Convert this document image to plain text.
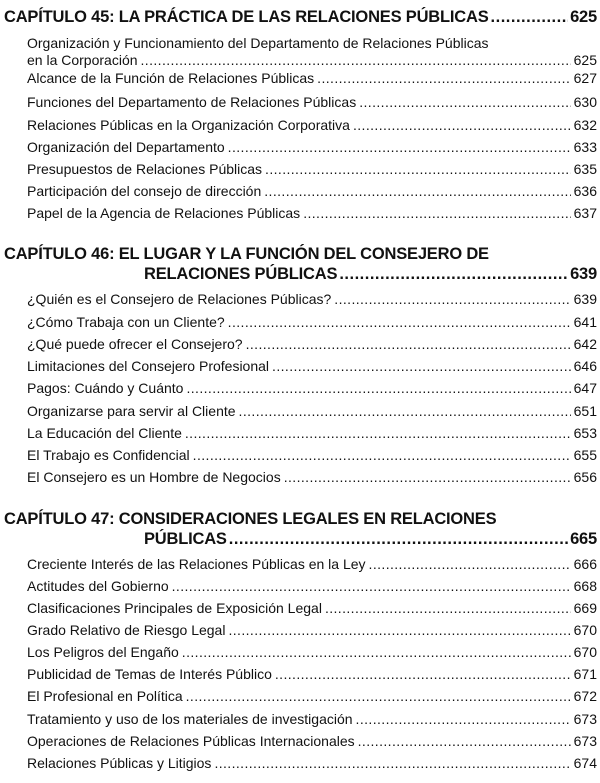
CAPÍTULO 45: LA PRÁCTICA DE LAS RELACIONES PÚBLICAS .....	625
Organización y Funcionamiento del Departamento de Relaciones Públicas
en la Corporación .....	625
Alcance de la Función de Relaciones Públicas .....	627
Funciones del Departamento de Relaciones Públicas .....	630
Relaciones Públicas en la Organización Corporativa .....	632
Organización del Departamento .....	633
Presupuestos de Relaciones Públicas .....	635
Participación del consejo de dirección .....	636
Papel de la Agencia de Relaciones Públicas .....	637
CAPÍTULO 46: EL LUGAR Y LA FUNCIÓN DEL CONSEJERO DE
RELACIONES PÚBLICAS .....	639
¿Quién es el Consejero de Relaciones Públicas? .....	639
¿Cómo Trabaja con un Cliente? .....	641
¿Qué puede ofrecer el Consejero? .....	642
Limitaciones del Consejero Profesional .....	646
Pagos: Cuándo y Cuánto .....	647
Organizarse para servir al Cliente .....	651
La Educación del Cliente .....	653
El Trabajo es Confidencial .....	655
El Consejero es un Hombre de Negocios .....	656
CAPÍTULO 47: CONSIDERACIONES LEGALES EN RELACIONES
PÚBLICAS .....	665
Creciente Interés de las Relaciones Públicas en la Ley .....	666
Actitudes del Gobierno .....	668
Clasificaciones Principales de Exposición Legal .....	669
Grado Relativo de Riesgo Legal .....	670
Los Peligros del Engaño .....	670
Publicidad de Temas de Interés Público .....	671
El Profesional en Política .....	672
Tratamiento y uso de los materiales de investigación .....	673
Operaciones de Relaciones Públicas Internacionales .....	673
Relaciones Públicas y Litigios .....	674
